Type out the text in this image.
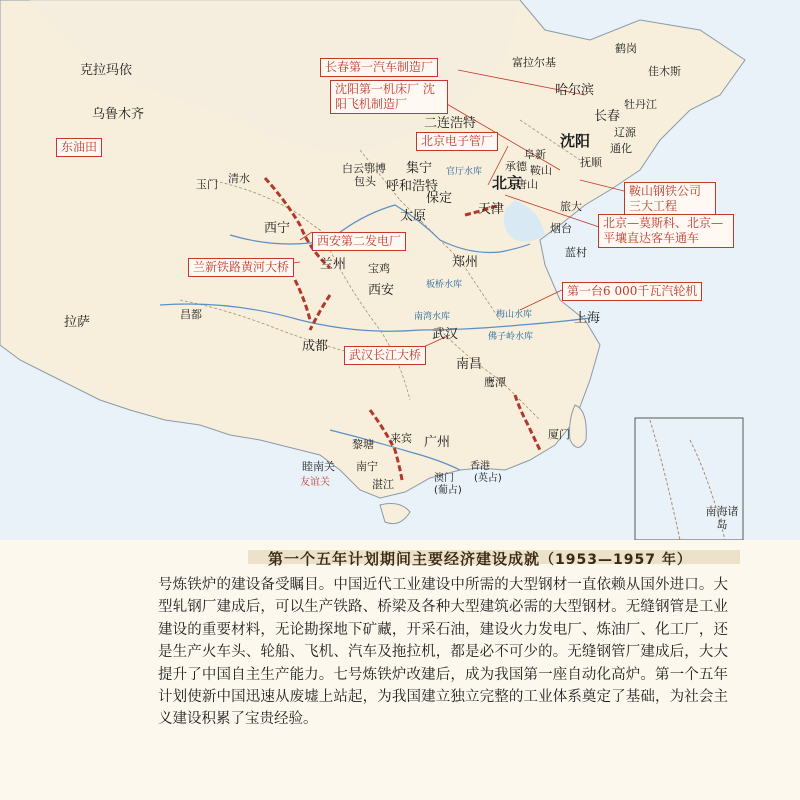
克拉玛依
乌鲁木齐
鹤岗
佳木斯
富拉尔基
哈尔滨
牡丹江
长春
辽源
沈阳
抚顺
通化
鞍山
旅大
二连浩特
阜新
承德
唐山
北京
天津
保定
集宁
白云鄂博
包头 呼和浩特
太原
玉门 清水
西宁
兰州 宝鸡
西安
郑州
烟台
蓝村
拉萨
昌都
成都
武汉
上海
南昌
鹰潭
厦门
黎塘 来宾 广州
睦南关 南宁
湛江
香港
(英占)
澳门
(葡占)
友谊关
官厅水库
梅山水库
佛子岭水库
南湾水库
板桥水库
长春第一汽车制造厂
沈阳第一机床厂 沈阳飞机制造厂
北京电子管厂
鞍山钢铁公司三大工程
北京—莫斯科、北京—平壤直达客车通车
西安第二发电厂
兰新铁路黄河大桥
第一台6 000千瓦汽轮机
武汉长江大桥
东油田
南海诸岛
第一个五年计划期间主要经济建设成就（1953—1957 年）
号炼铁炉的建设备受瞩目。中国近代工业建设中所需的大型钢材一直依赖从国外进口。大型轧钢厂建成后，可以生产铁路、桥梁及各种大型建筑必需的大型钢材。无缝钢管是工业建设的重要材料，无论勘探地下矿藏，开采石油，建设火力发电厂、炼油厂、化工厂，还是生产火车头、轮船、飞机、汽车及拖拉机，都是必不可少的。无缝钢管厂建成后，大大提升了中国自主生产能力。七号炼铁炉改建后，成为我国第一座自动化高炉。第一个五年计划使新中国迅速从废墟上站起，为我国建立独立完整的工业体系奠定了基础，为社会主义建设积累了宝贵经验。
